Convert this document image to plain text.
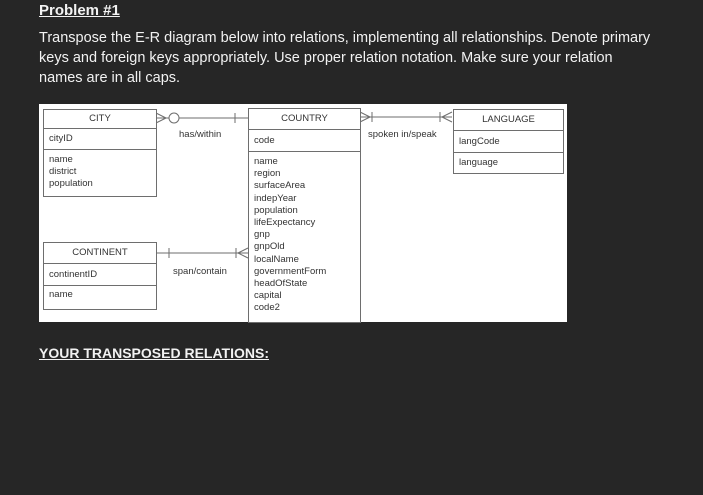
Problem #1
Transpose the E-R diagram below into relations, implementing all relationships. Denote primary keys and foreign keys appropriately. Use proper relation notation. Make sure your relation names are in all caps.
CITY
cityID
name
district
population
CONTINENT
continentID
name
COUNTRY
code
name
region
surfaceArea
indepYear
population
lifeExpectancy
gnp
gnpOld
localName
governmentForm
headOfState
capital
code2
LANGUAGE
langCode
language
has/within	spoken in/speak
span/contain
YOUR TRANSPOSED RELATIONS:
